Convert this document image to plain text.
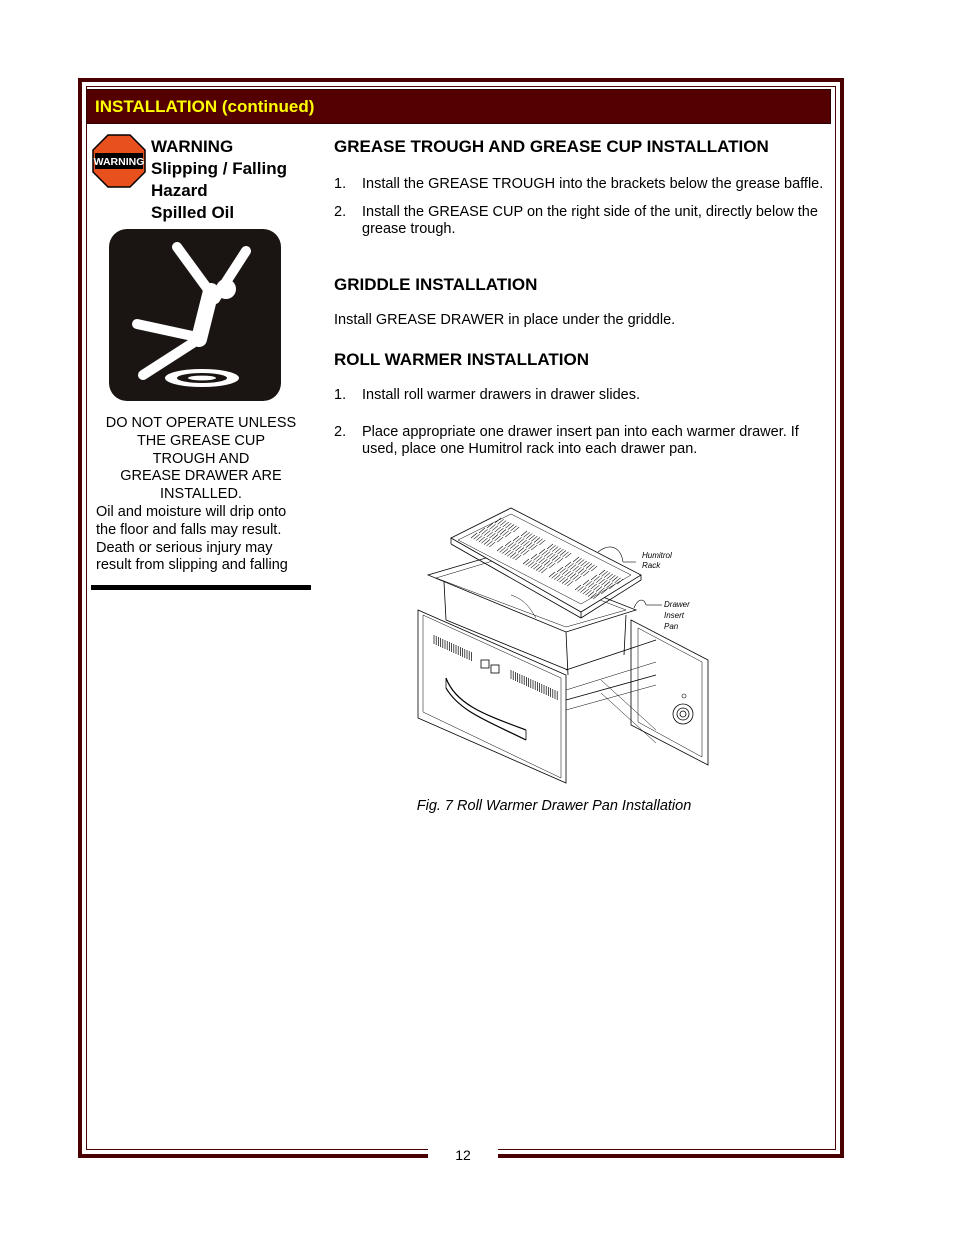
12
INSTALLATION (continued)
WARNING
WARNING
Slipping / Falling
Hazard
Spilled Oil
DO NOT OPERATE UNLESS
THE GREASE CUP
TROUGH AND
GREASE DRAWER ARE
INSTALLED.
Oil and moisture will drip onto
the floor and falls may result.
Death or serious injury may
result from slipping and falling
GREASE TROUGH AND GREASE CUP INSTALLATION
1. Install the GREASE TROUGH into the brackets below the grease baffle.
2. Install the GREASE CUP on the right side of the unit, directly below the grease trough.
GRIDDLE INSTALLATION
Install GREASE DRAWER in place under the griddle.
ROLL WARMER INSTALLATION
1. Install roll warmer drawers in drawer slides.
2. Place appropriate one drawer insert pan into each warmer drawer. If used, place one Humitrol rack into each drawer pan.
Humitrol
Rack
Drawer
Insert
Pan
Fig. 7 Roll Warmer Drawer Pan Installation
